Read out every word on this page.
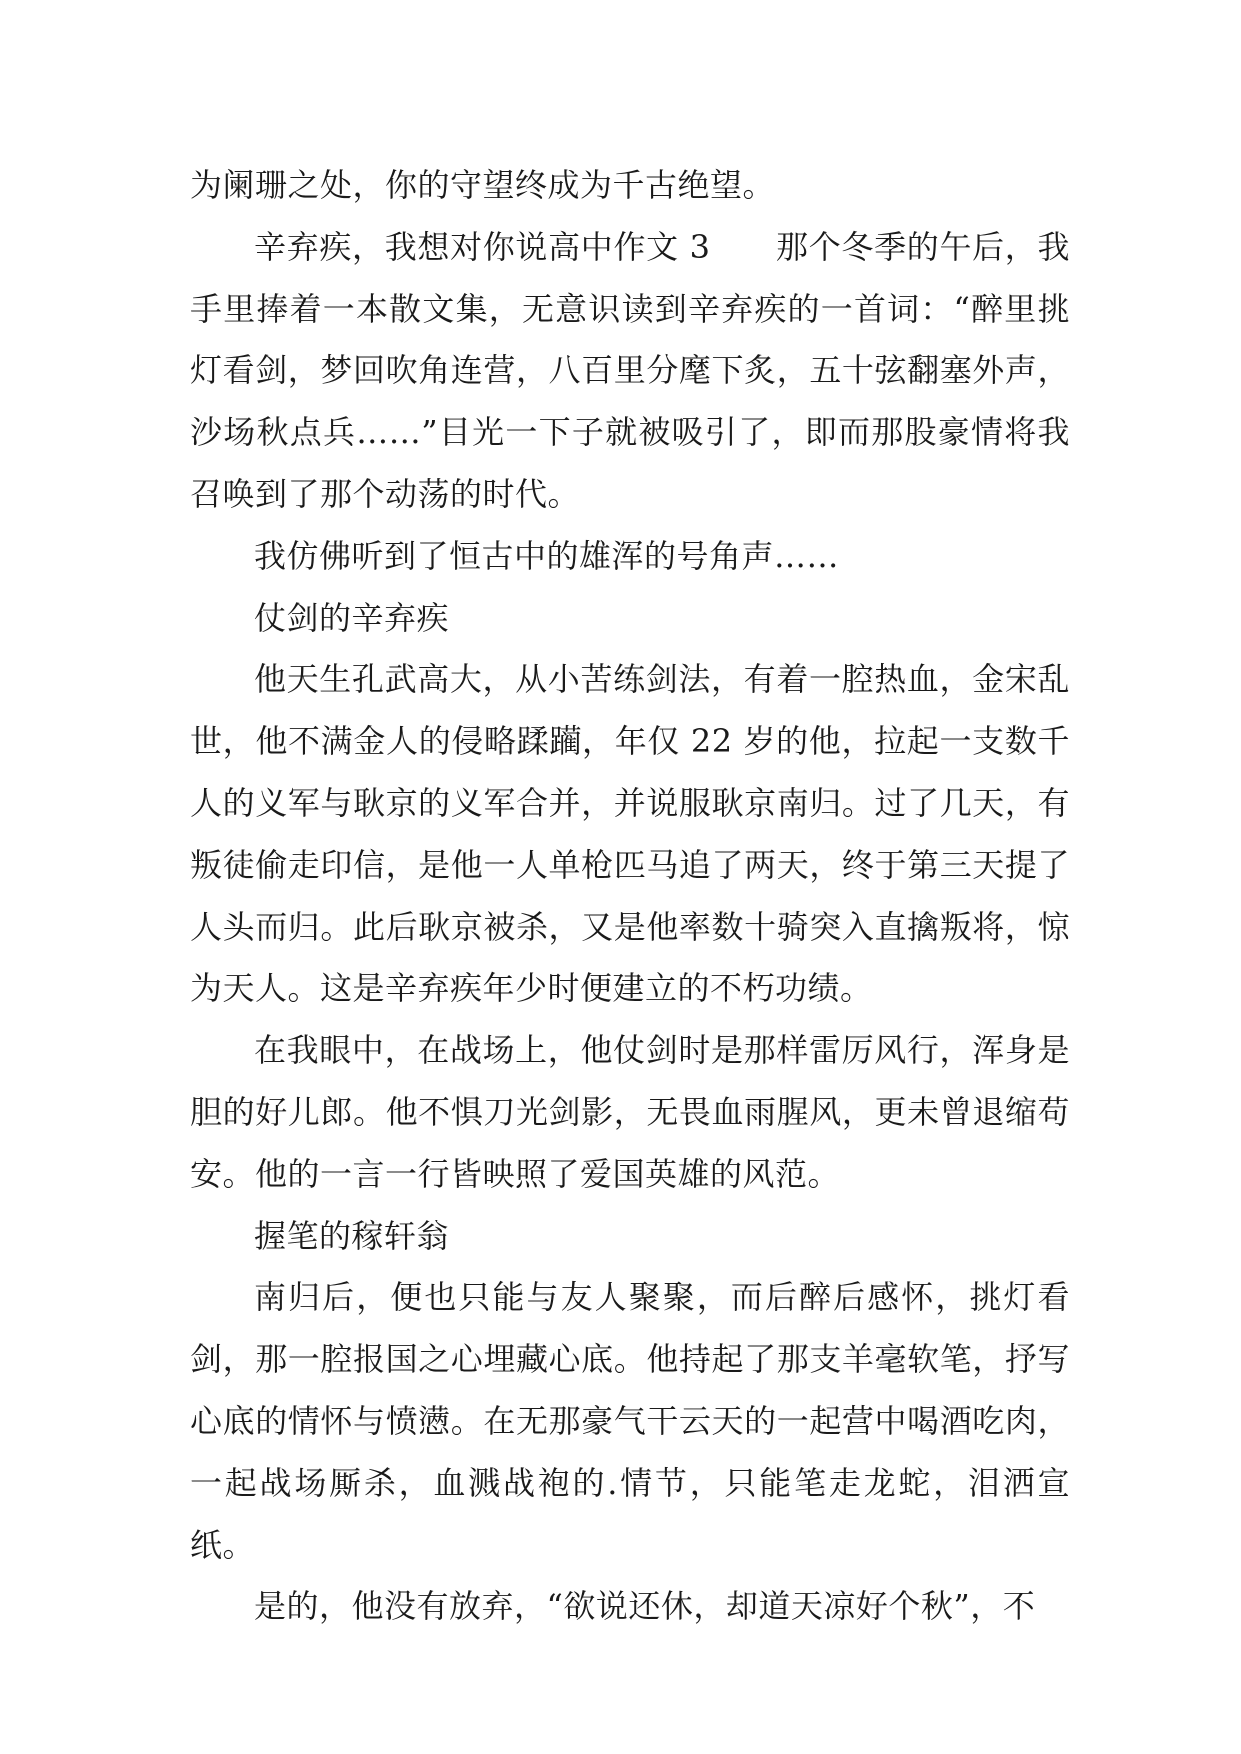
为阑珊之处，你的守望终成为千古绝望。

辛弃疾，我想对你说高中作文 3　　那个冬季的午后，我手里捧着一本散文集，无意识读到辛弃疾的一首词：“醉里挑灯看剑，梦回吹角连营，八百里分麾下炙，五十弦翻塞外声，沙场秋点兵……”目光一下子就被吸引了，即而那股豪情将我召唤到了那个动荡的时代。

我仿佛听到了恒古中的雄浑的号角声……

仗剑的辛弃疾

他天生孔武高大，从小苦练剑法，有着一腔热血，金宋乱世，他不满金人的侵略蹂躏，年仅 22 岁的他，拉起一支数千人的义军与耿京的义军合并，并说服耿京南归。过了几天，有叛徒偷走印信，是他一人单枪匹马追了两天，终于第三天提了人头而归。此后耿京被杀，又是他率数十骑突入直擒叛将，惊为天人。这是辛弃疾年少时便建立的不朽功绩。

在我眼中，在战场上，他仗剑时是那样雷厉风行，浑身是胆的好儿郎。他不惧刀光剑影，无畏血雨腥风，更未曾退缩苟安。他的一言一行皆映照了爱国英雄的风范。

握笔的稼轩翁

南归后，便也只能与友人聚聚，而后醉后感怀，挑灯看剑，那一腔报国之心埋藏心底。他持起了那支羊毫软笔，抒写心底的情怀与愤懑。在无那豪气干云天的一起营中喝酒吃肉，一起战场厮杀，血溅战袍的.情节，只能笔走龙蛇，泪洒宣纸。

是的，他没有放弃，“欲说还休，却道天凉好个秋”，不
